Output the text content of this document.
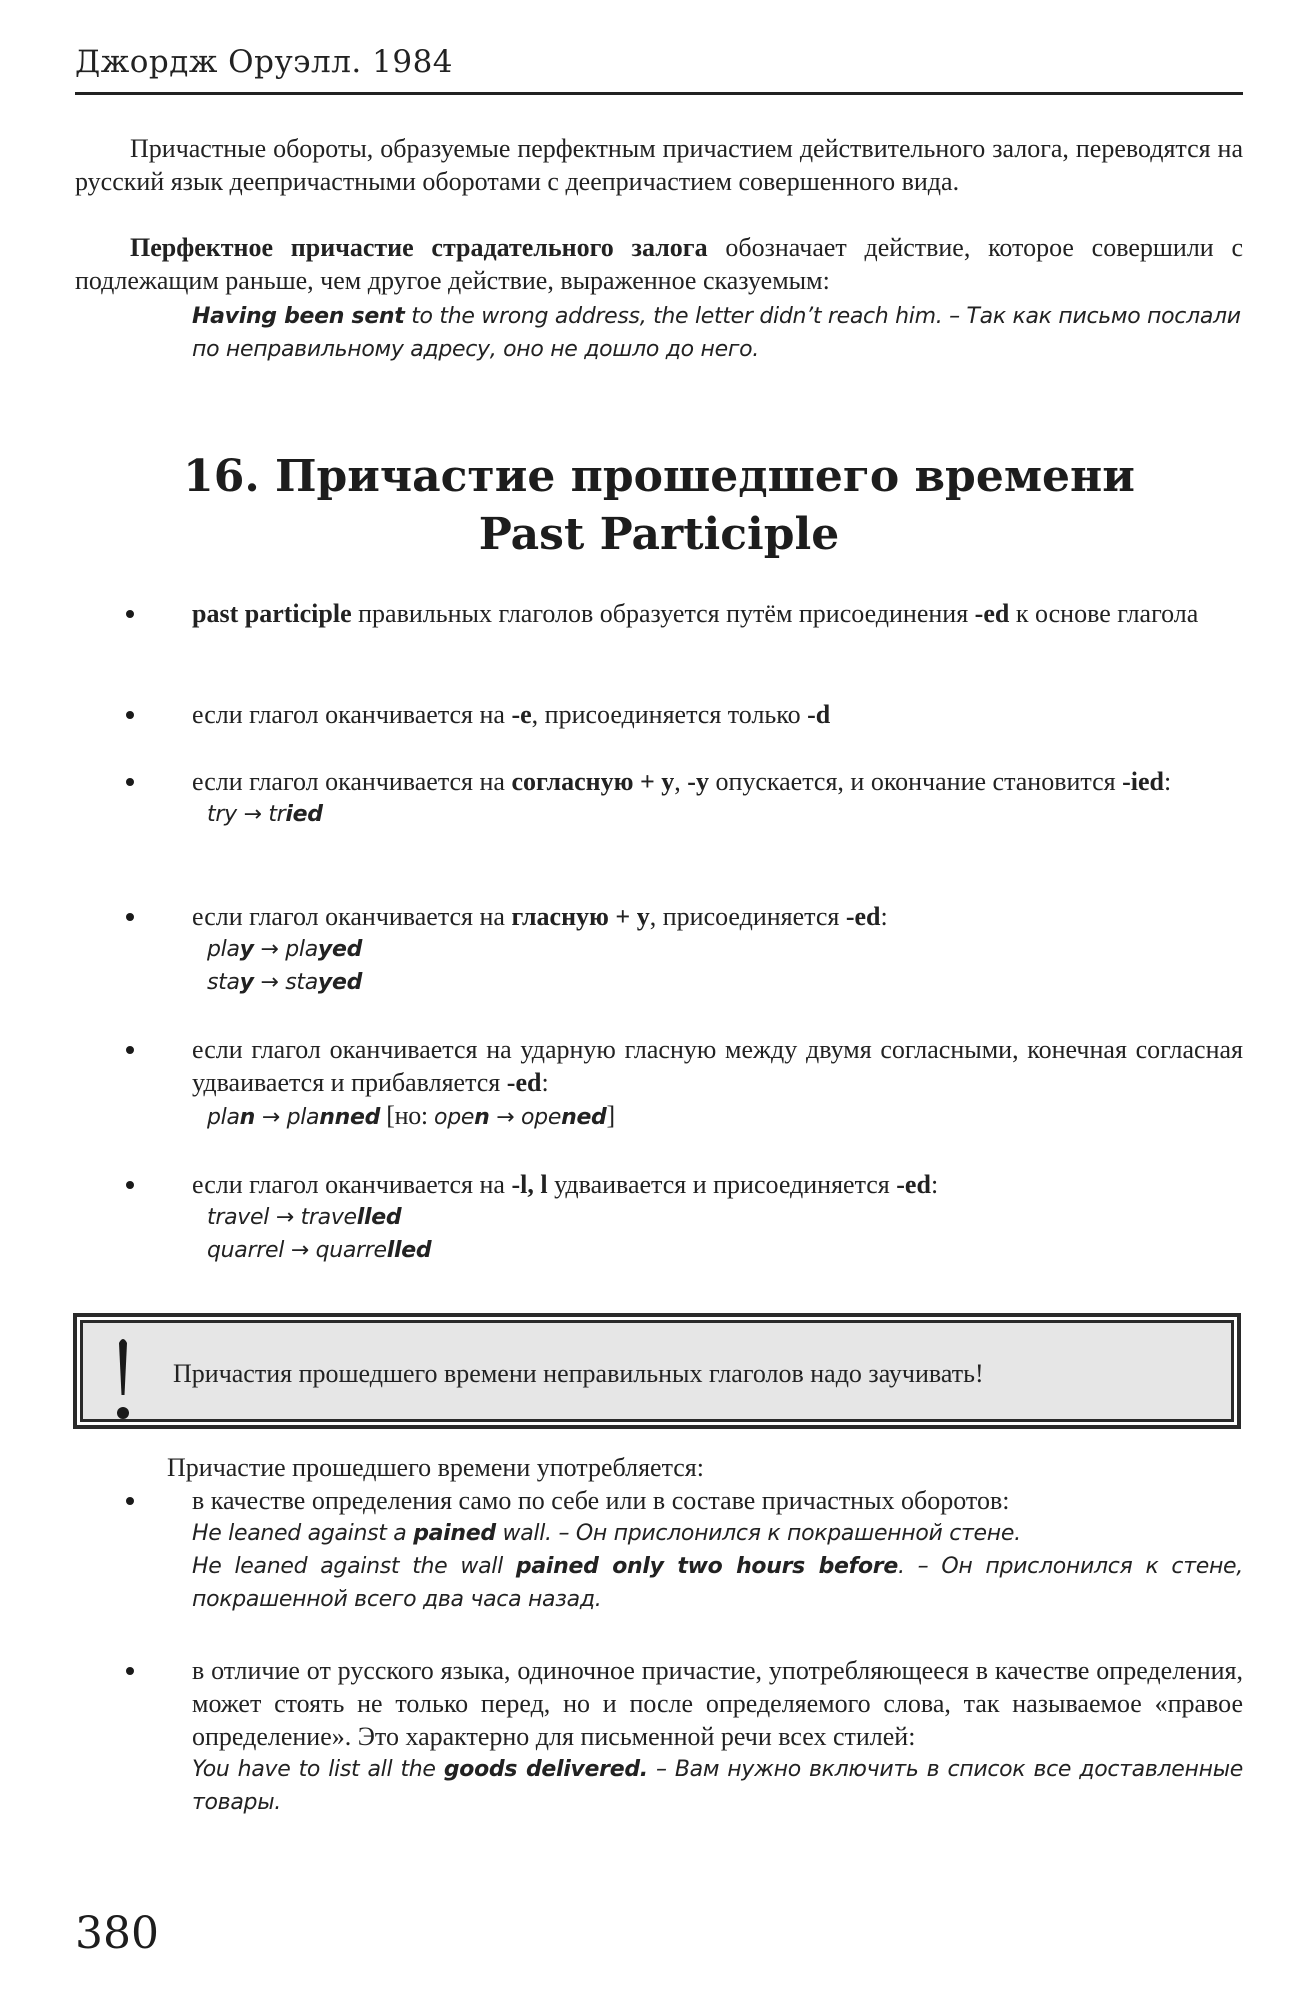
Джордж Оруэлл. 1984
Причастные обороты, образуемые перфектным причастием действительного залога, переводятся на русский язык деепричастными оборотами с деепричастием совершенного вида.
Перфектное причастие страдательного залога обозначает действие, которое совершили с подлежащим раньше, чем другое действие, выраженное сказуемым:
Having been sent to the wrong address, the letter didn’t reach him. – Так как письмо послали по неправильному адресу, оно не дошло до него.
16. Причастие прошедшего времени
Past Participle
past participle правильных глаголов образуется путём присоединения -ed к основе глагола
если глагол оканчивается на -e, присоединяется только -d
если глагол оканчивается на согласную + y, -y опускается, и окончание становится -ied:
try → tried
если глагол оканчивается на гласную + y, присоединяется -ed:
play → played
stay → stayed
если глагол оканчивается на ударную гласную между двумя согласными, конечная согласная удваивается и прибавляется -ed:
plan → planned [но: open → opened]
если глагол оканчивается на -l, l удваивается и присоединяется -ed:
travel → travelled
quarrel → quarrelled
Причастия прошедшего времени неправильных глаголов надо заучивать!
Причастие прошедшего времени употребляется:
в качестве определения само по себе или в составе причастных оборотов:
He leaned against a pained wall. – Он прислонился к покрашенной стене.
He leaned against the wall pained only two hours before. – Он прислонился к стене, покрашенной всего два часа назад.
в отличие от русского языка, одиночное причастие, употребляющееся в качестве определения, может стоять не только перед, но и после определяемого слова, так называемое «правое определение». Это характерно для письменной речи всех стилей:
You have to list all the goods delivered. – Вам нужно включить в список все доставленные товары.
380
